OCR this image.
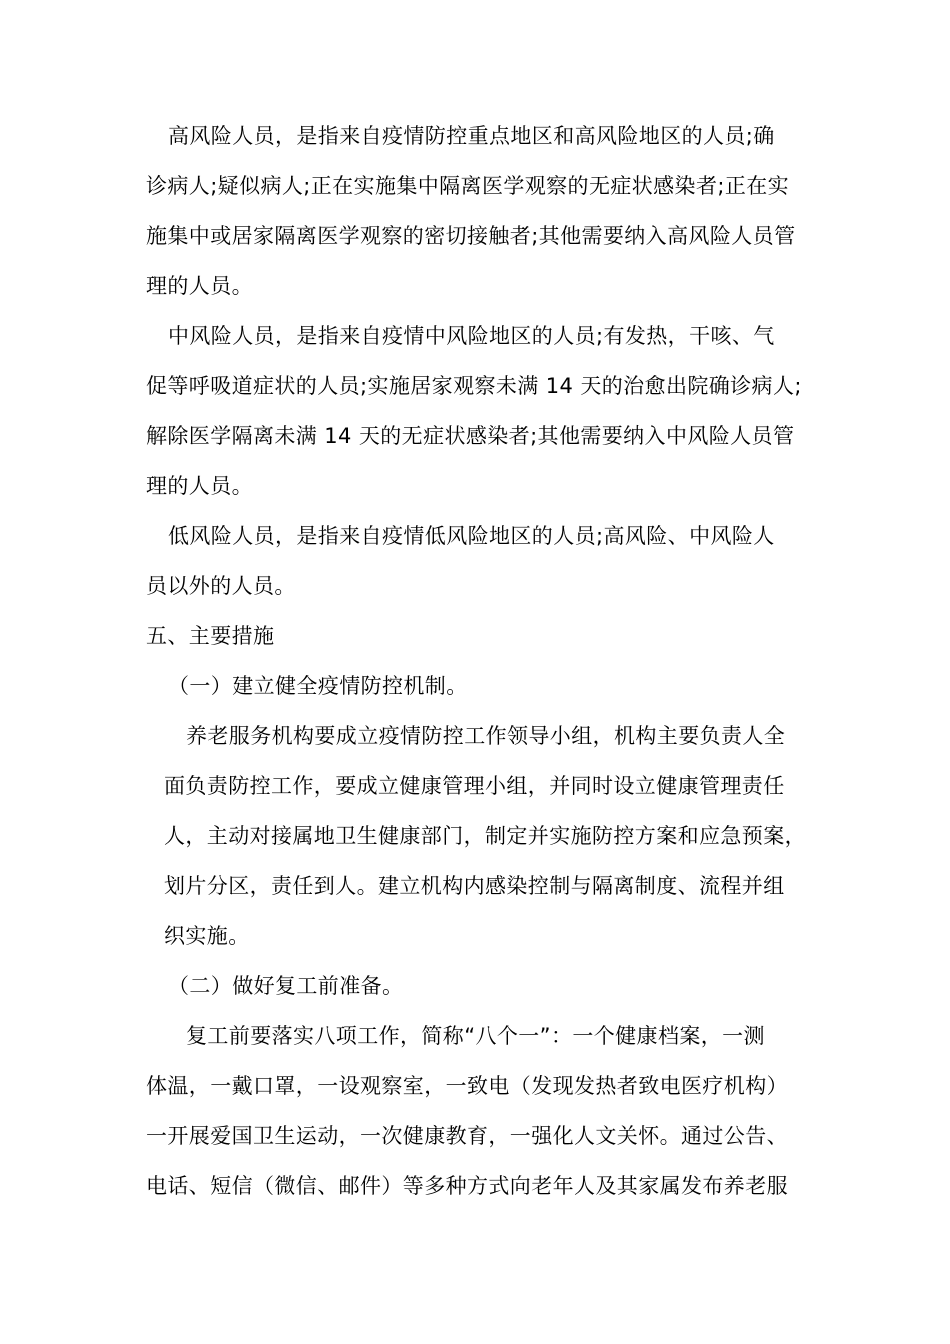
高风险人员，是指来自疫情防控重点地区和高风险地区的人员;确

诊病人;疑似病人;正在实施集中隔离医学观察的无症状感染者;正在实

施集中或居家隔离医学观察的密切接触者;其他需要纳入高风险人员管

理的人员。

中风险人员，是指来自疫情中风险地区的人员;有发热，干咳、气

促等呼吸道症状的人员;实施居家观察未满 14 天的治愈出院确诊病人;

解除医学隔离未满 14 天的无症状感染者;其他需要纳入中风险人员管

理的人员。

低风险人员，是指来自疫情低风险地区的人员;高风险、中风险人

员以外的人员。

五、主要措施

（一）建立健全疫情防控机制。

养老服务机构要成立疫情防控工作领导小组，机构主要负责人全

面负责防控工作，要成立健康管理小组，并同时设立健康管理责任

人，主动对接属地卫生健康部门，制定并实施防控方案和应急预案，

划片分区，责任到人。建立机构内感染控制与隔离制度、流程并组

织实施。

（二）做好复工前准备。

复工前要落实八项工作，简称“八个一”：一个健康档案，一测

体温，一戴口罩，一设观察室，一致电（发现发热者致电医疗机构）

一开展爱国卫生运动，一次健康教育，一强化人文关怀。通过公告、

电话、短信（微信、邮件）等多种方式向老年人及其家属发布养老服
